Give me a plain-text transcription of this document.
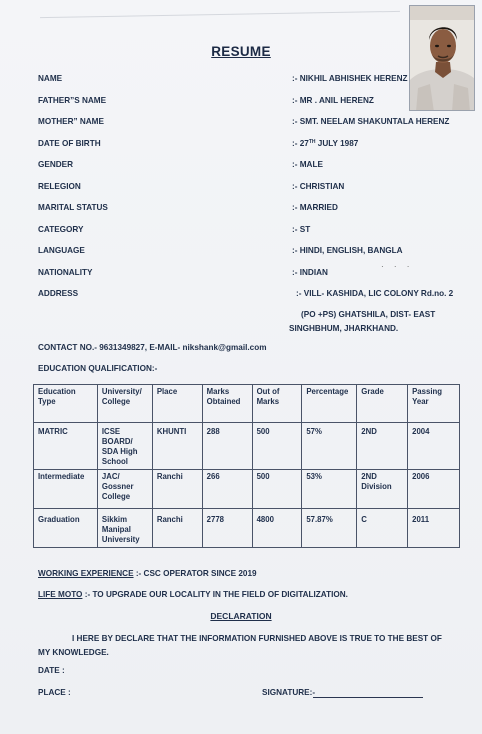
RESUME
NAME	:- NIKHIL ABHISHEK HERENZ
FATHER”S NAME	:- MR . ANIL HERENZ
MOTHER” NAME	:- SMT. NEELAM SHAKUNTALA HERENZ
DATE OF BIRTH	:- 27TH JULY 1987
GENDER	:- MALE
RELEGION	:- CHRISTIAN
MARITAL STATUS	:- MARRIED
CATEGORY	:- ST
LANGUAGE	:- HINDI, ENGLISH, BANGLA
· · ·
NATIONALITY	:- INDIAN
ADDRESS	:- VILL- KASHIDA, LIC COLONY Rd.no. 2
(PO +PS) GHATSHILA, DIST- EAST
SINGHBHUM, JHARKHAND.
CONTACT NO.- 9631349827, E-MAIL- nikshank@gmail.com
EDUCATION QUALIFICATION:-
Education Type	University/ College	Place	Marks Obtained	Out of Marks	Percentage	Grade	Passing Year
MATRIC	ICSE BOARD/ SDA High School	KHUNTI	288	500	57%	2ND	2004
Intermediate	JAC/ Gossner College	Ranchi	266	500	53%	2ND Division	2006
Graduation	Sikkim Manipal University	Ranchi	2778	4800	57.87%	C	2011
WORKING EXPERIENCE :- CSC OPERATOR SINCE 2019
LIFE MOTO :- TO UPGRADE OUR LOCALITY IN THE FIELD OF DIGITALIZATION.
DECLARATION
I HERE BY DECLARE THAT THE INFORMATION FURNISHED ABOVE IS TRUE TO THE BEST OF MY KNOWLEDGE.
DATE :
PLACE :	SIGNATURE:-
